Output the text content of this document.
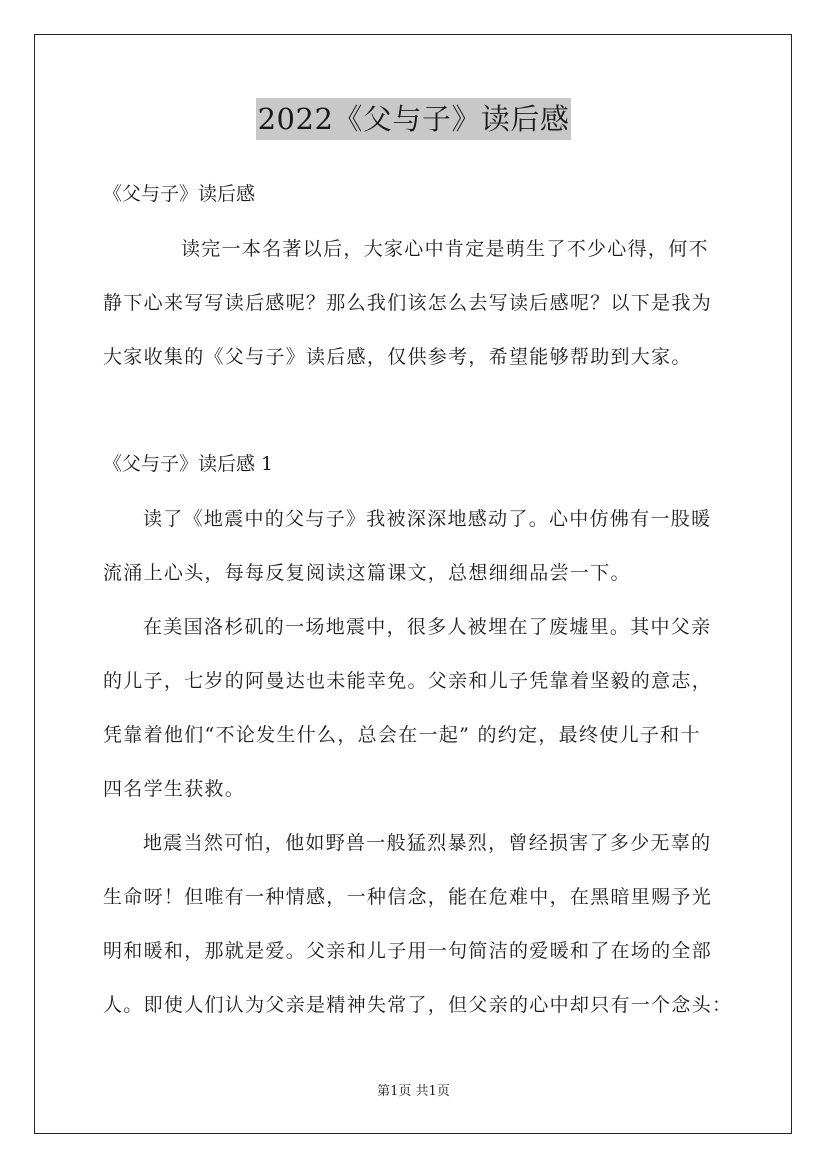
2022《父与子》读后感
《父与子》读后感
读完一本名著以后，大家心中肯定是萌生了不少心得，何不
静下心来写写读后感呢？那么我们该怎么去写读后感呢？以下是我为
大家收集的《父与子》读后感，仅供参考，希望能够帮助到大家。
《父与子》读后感 1
读了《地震中的父与子》我被深深地感动了。心中仿佛有一股暖
流涌上心头，每每反复阅读这篇课文，总想细细品尝一下。
在美国洛杉矶的一场地震中，很多人被埋在了废墟里。其中父亲
的儿子，七岁的阿曼达也未能幸免。父亲和儿子凭靠着坚毅的意志，
凭靠着他们“不论发生什么，总会在一起” 的约定，最终使儿子和十
四名学生获救。
地震当然可怕，他如野兽一般猛烈暴烈，曾经损害了多少无辜的
生命呀！但唯有一种情感，一种信念，能在危难中，在黑暗里赐予光
明和暖和，那就是爱。父亲和儿子用一句简洁的爱暖和了在场的全部
人。即使人们认为父亲是精神失常了，但父亲的心中却只有一个念头：
第1页 共1页
